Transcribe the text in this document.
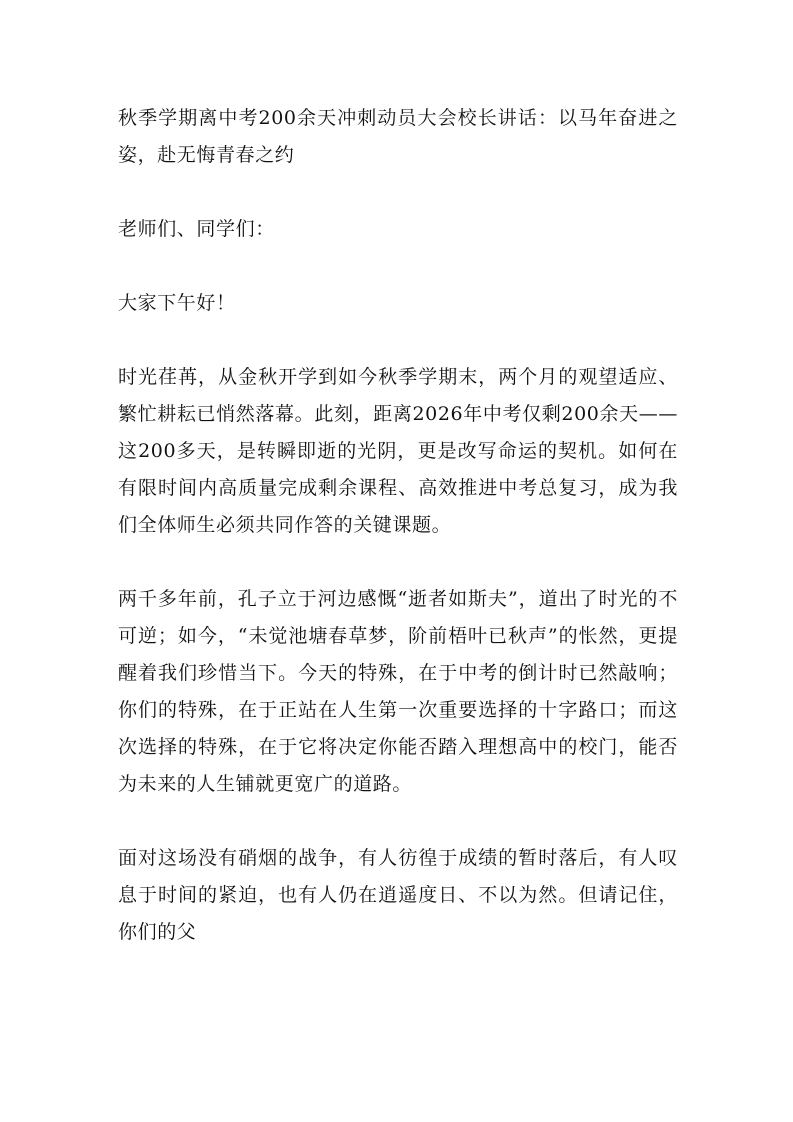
秋季学期离中考200余天冲刺动员大会校长讲话：以马年奋进之姿，赴无悔青春之约

老师们、同学们：

大家下午好！

时光荏苒，从金秋开学到如今秋季学期末，两个月的观望适应、繁忙耕耘已悄然落幕。此刻，距离2026年中考仅剩200余天——这200多天，是转瞬即逝的光阴，更是改写命运的契机。如何在有限时间内高质量完成剩余课程、高效推进中考总复习，成为我们全体师生必须共同作答的关键课题。

两千多年前，孔子立于河边感慨“逝者如斯夫”，道出了时光的不可逆；如今，“未觉池塘春草梦，阶前梧叶已秋声”的怅然，更提醒着我们珍惜当下。今天的特殊，在于中考的倒计时已然敲响；你们的特殊，在于正站在人生第一次重要选择的十字路口；而这次选择的特殊，在于它将决定你能否踏入理想高中的校门，能否为未来的人生铺就更宽广的道路。

面对这场没有硝烟的战争，有人彷徨于成绩的暂时落后，有人叹息于时间的紧迫，也有人仍在逍遥度日、不以为然。但请记住，你们的父
